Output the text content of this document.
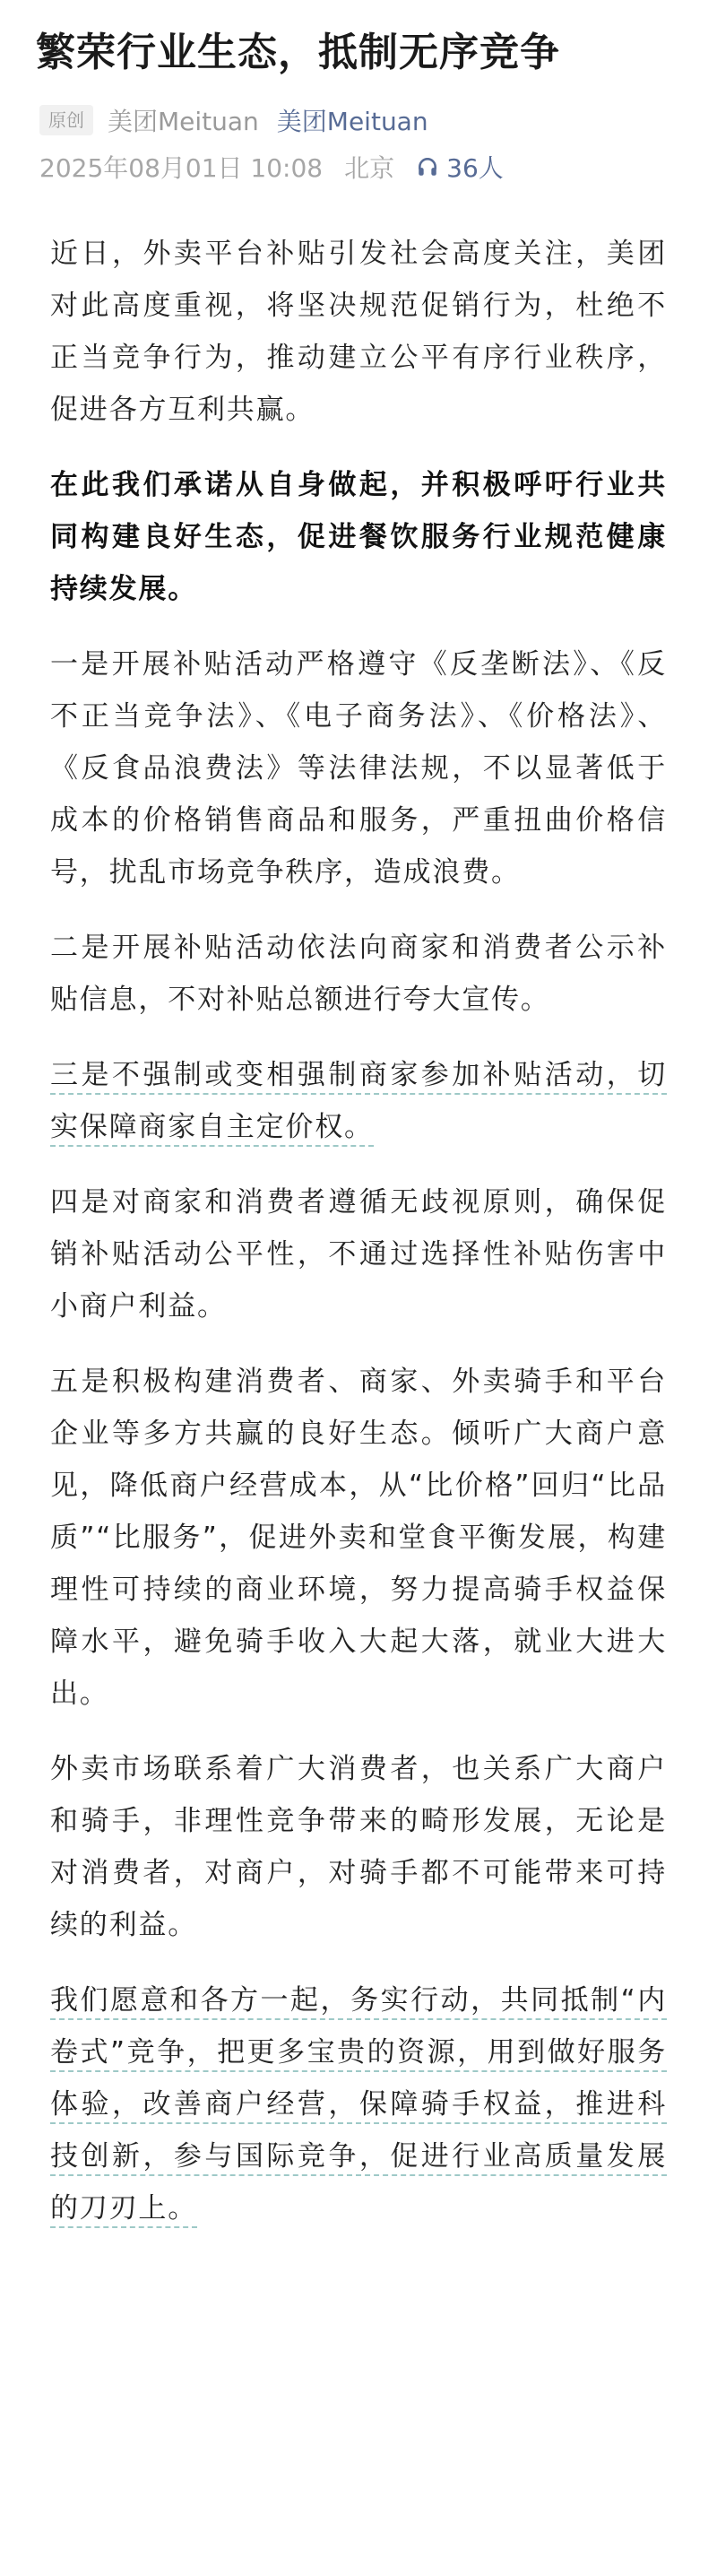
繁荣行业生态，抵制无序竞争
原创 美团Meituan 美团Meituan
2025年08月01日 10:08 北京 36人

近日，外卖平台补贴引发社会高度关注，美团对此高度重视，将坚决规范促销行为，杜绝不正当竞争行为，推动建立公平有序行业秩序，促进各方互利共赢。

在此我们承诺从自身做起，并积极呼吁行业共同构建良好生态，促进餐饮服务行业规范健康持续发展。

一是开展补贴活动严格遵守《反垄断法》、《反不正当竞争法》、《电子商务法》、《价格法》、《反食品浪费法》等法律法规，不以显著低于成本的价格销售商品和服务，严重扭曲价格信号，扰乱市场竞争秩序，造成浪费。

二是开展补贴活动依法向商家和消费者公示补贴信息，不对补贴总额进行夸大宣传。

三是不强制或变相强制商家参加补贴活动，切实保障商家自主定价权。

四是对商家和消费者遵循无歧视原则，确保促销补贴活动公平性，不通过选择性补贴伤害中小商户利益。

五是积极构建消费者、商家、外卖骑手和平台企业等多方共赢的良好生态。倾听广大商户意见，降低商户经营成本，从“比价格”回归“比品质”“比服务”，促进外卖和堂食平衡发展，构建理性可持续的商业环境，努力提高骑手权益保障水平，避免骑手收入大起大落，就业大进大出。

外卖市场联系着广大消费者，也关系广大商户和骑手，非理性竞争带来的畸形发展，无论是对消费者，对商户，对骑手都不可能带来可持续的利益。

我们愿意和各方一起，务实行动，共同抵制“内卷式”竞争，把更多宝贵的资源，用到做好服务体验，改善商户经营，保障骑手权益，推进科技创新，参与国际竞争，促进行业高质量发展的刀刃上。
